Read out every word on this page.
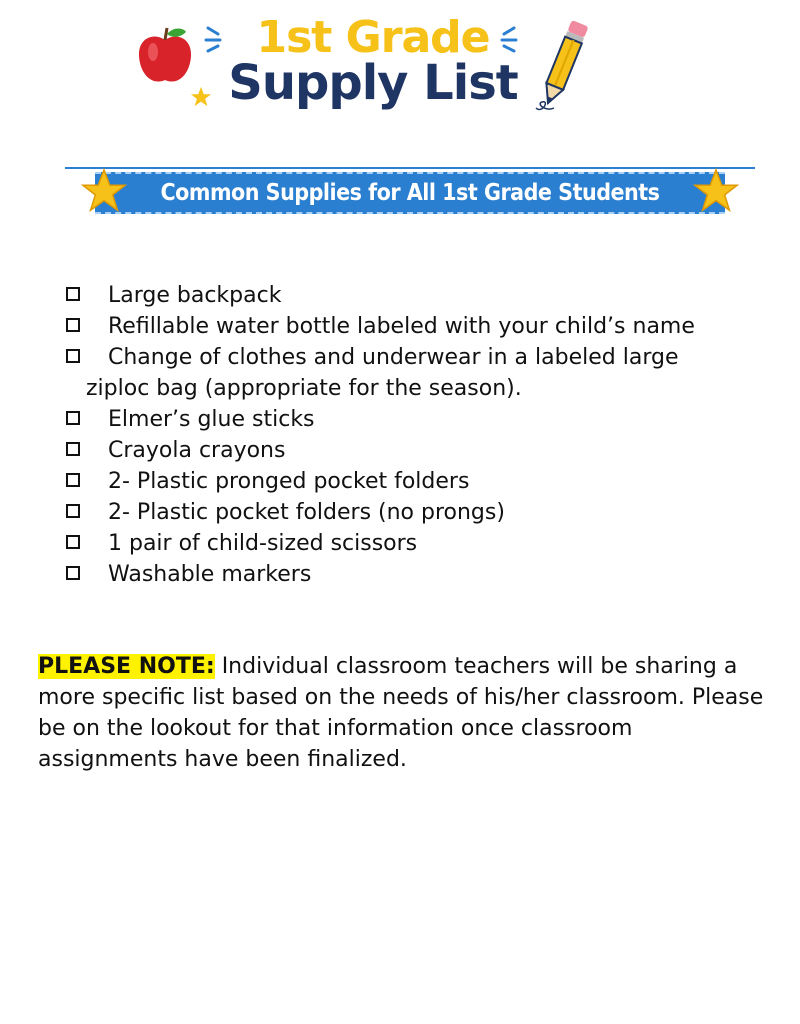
1st Grade
Supply List
Common Supplies for All 1st Grade Students
Large backpack
Refillable water bottle labeled with your child’s name
Change of clothes and underwear in a labeled large
ziploc bag (appropriate for the season).
Elmer’s glue sticks
Crayola crayons
2- Plastic pronged pocket folders
2- Plastic pocket folders (no prongs)
1 pair of child-sized scissors
Washable markers
PLEASE NOTE: Individual classroom teachers will be sharing a more specific list based on the needs of his/her classroom. Please be on the lookout for that information once classroom assignments have been finalized.
